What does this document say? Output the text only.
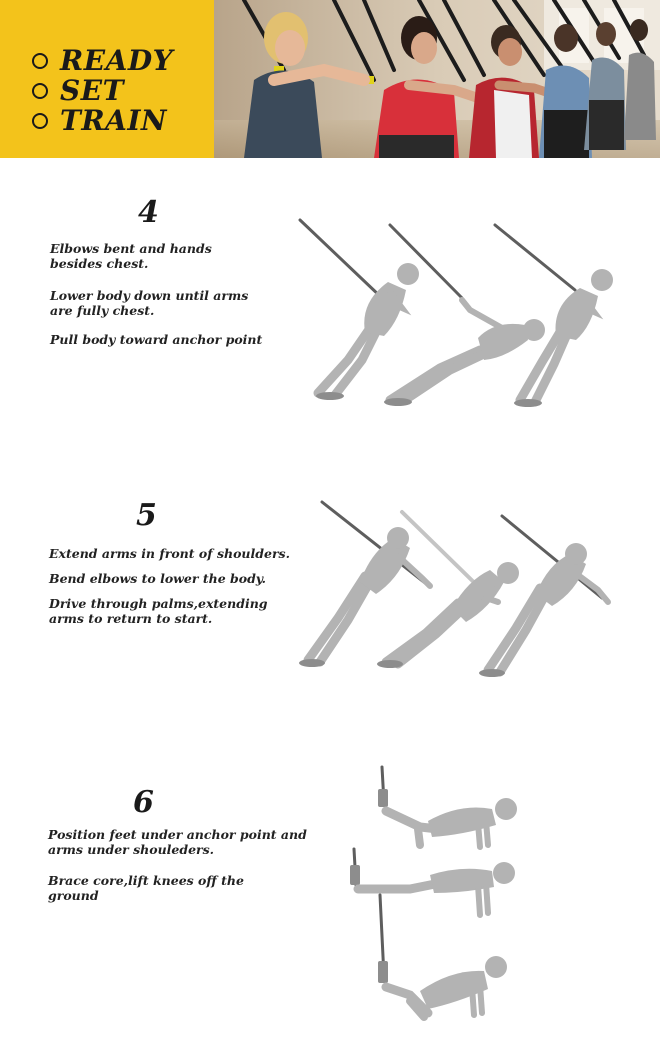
READY
SET
TRAIN
4

Elbows bent and hands besides chest.

Lower body down until arms are fully chest.

Pull body toward anchor point

5

Extend arms in front of shoulders.

Bend elbows to lower the body.

Drive through palms,extending arms to return to start.

6

Position feet under anchor point and arms under shouleders.

Brace core,lift knees off the ground
